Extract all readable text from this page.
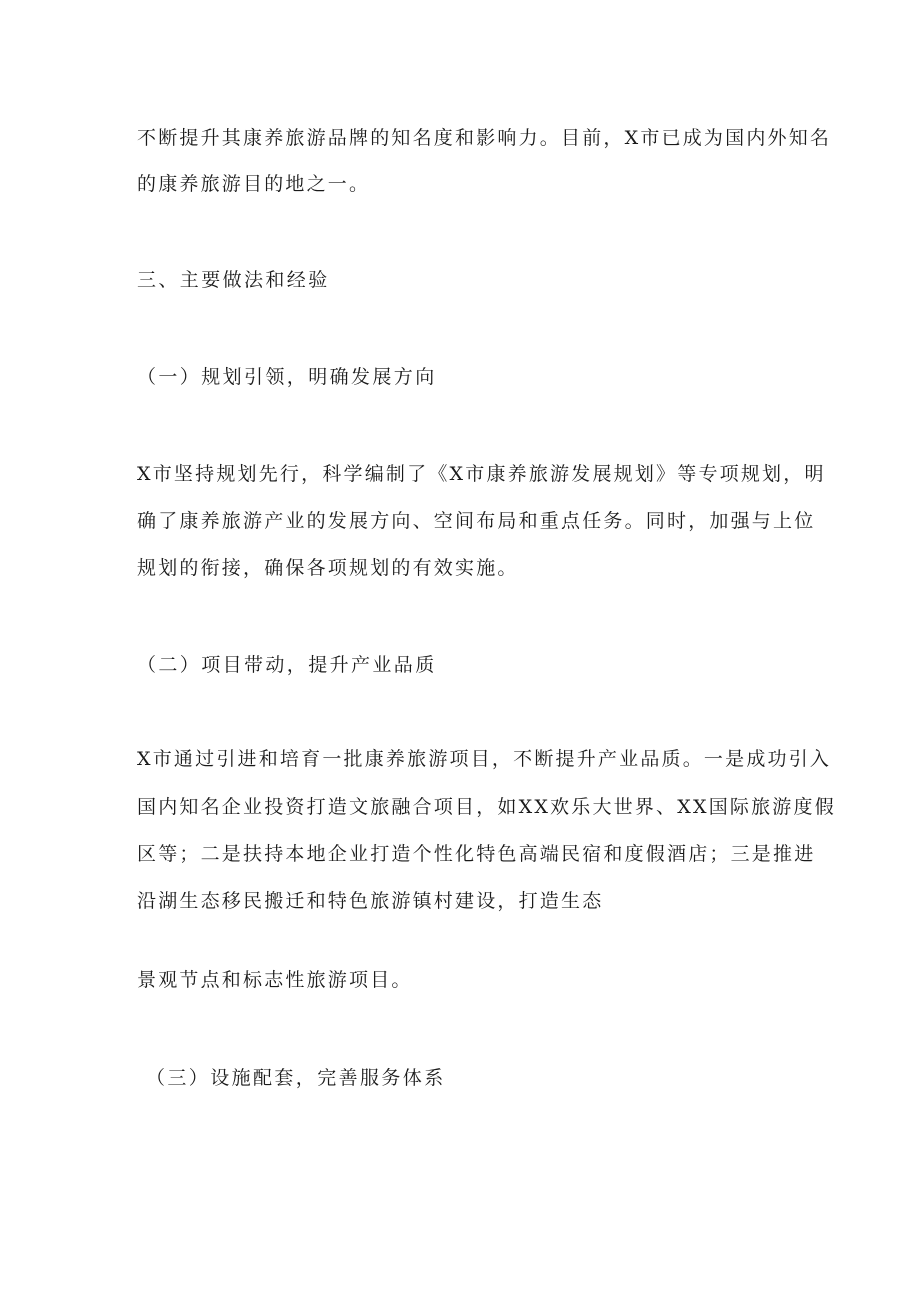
不断提升其康养旅游品牌的知名度和影响力。目前，X市已成为国内外知名
的康养旅游目的地之一。
三、主要做法和经验
（一）规划引领，明确发展方向
X市坚持规划先行，科学编制了《X市康养旅游发展规划》等专项规划，明
确了康养旅游产业的发展方向、空间布局和重点任务。同时，加强与上位
规划的衔接，确保各项规划的有效实施。
（二）项目带动，提升产业品质
X市通过引进和培育一批康养旅游项目，不断提升产业品质。一是成功引入
国内知名企业投资打造文旅融合项目，如XX欢乐大世界、XX国际旅游度假
区等；二是扶持本地企业打造个性化特色高端民宿和度假酒店；三是推进
沿湖生态移民搬迁和特色旅游镇村建设，打造生态
景观节点和标志性旅游项目。
（三）设施配套，完善服务体系
